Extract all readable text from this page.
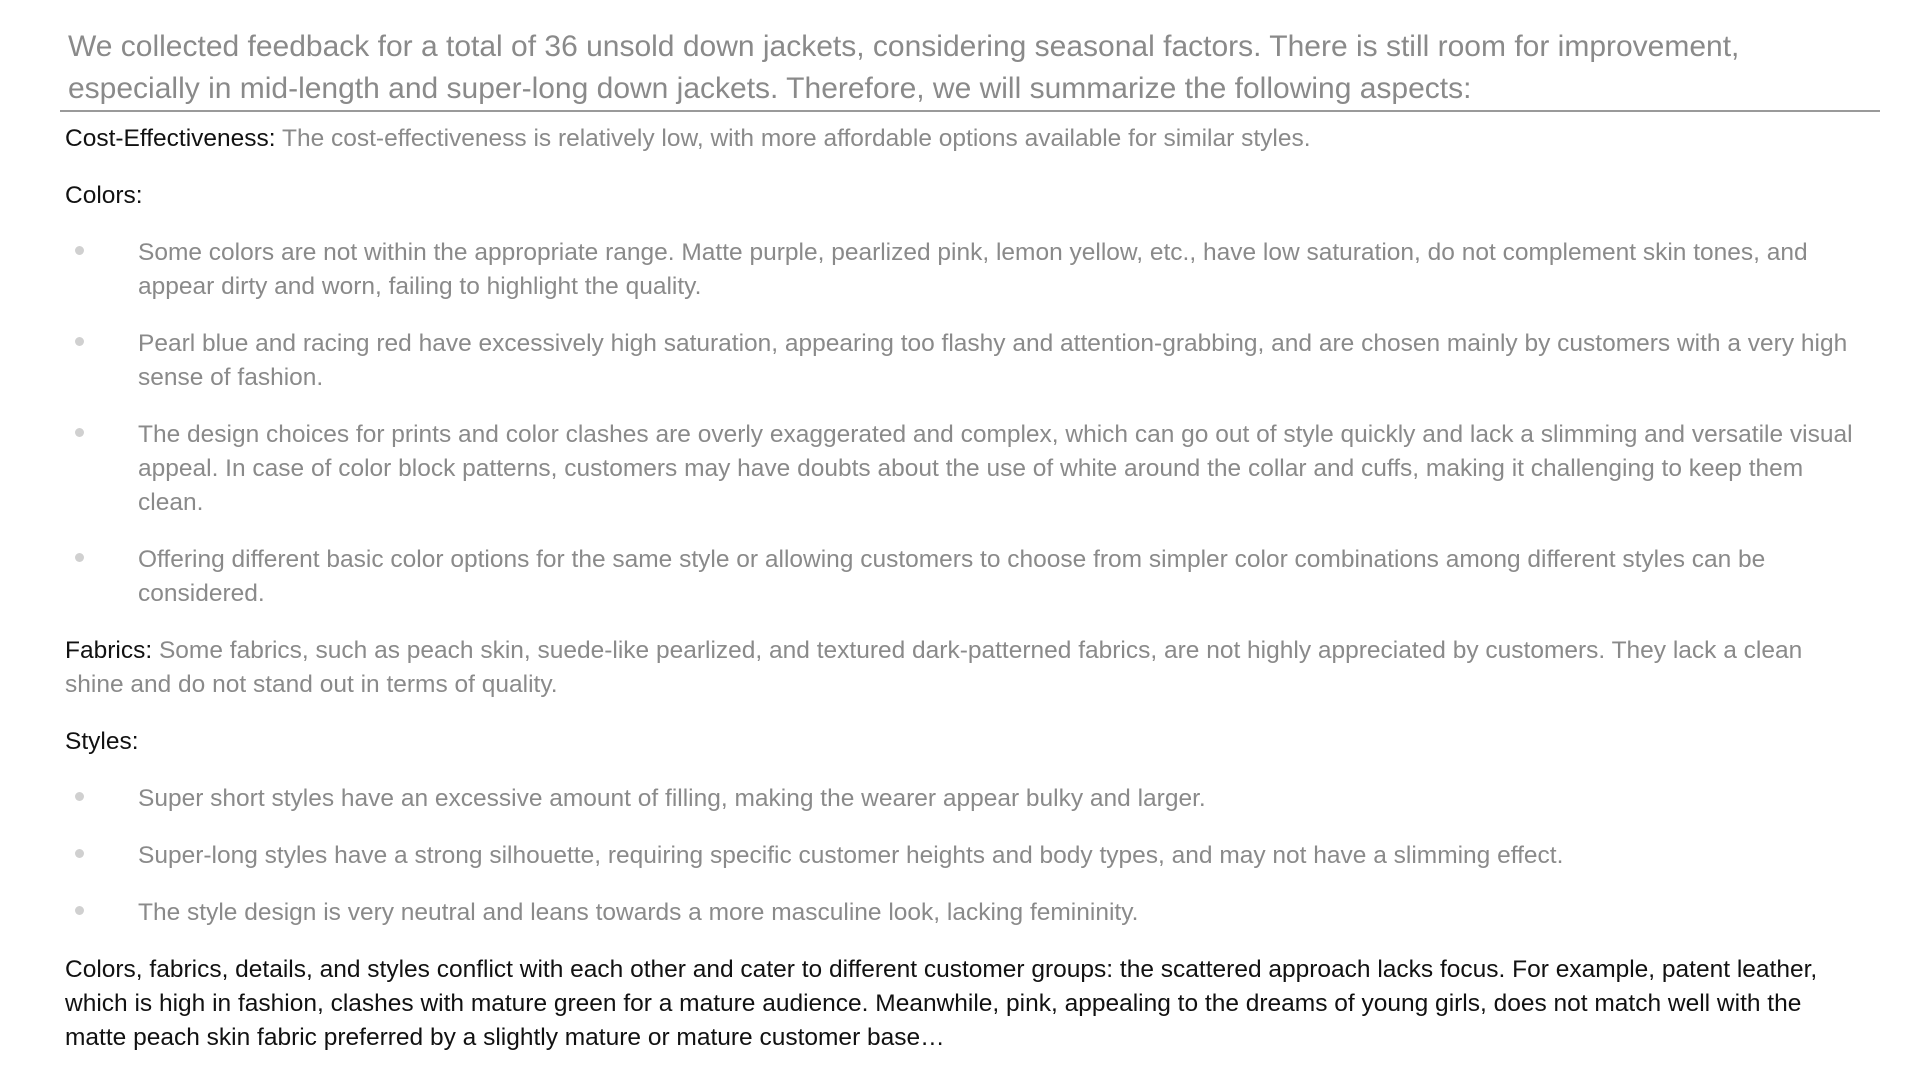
We collected feedback for a total of 36 unsold down jackets, considering seasonal factors. There is still room for improvement, especially in mid-length and super-long down jackets. Therefore, we will summarize the following aspects:

Cost-Effectiveness: The cost-effectiveness is relatively low, with more affordable options available for similar styles.

Colors:

Some colors are not within the appropriate range. Matte purple, pearlized pink, lemon yellow, etc., have low saturation, do not complement skin tones, and appear dirty and worn, failing to highlight the quality.
Pearl blue and racing red have excessively high saturation, appearing too flashy and attention-grabbing, and are chosen mainly by customers with a very high sense of fashion.
The design choices for prints and color clashes are overly exaggerated and complex, which can go out of style quickly and lack a slimming and versatile visual appeal. In case of color block patterns, customers may have doubts about the use of white around the collar and cuffs, making it challenging to keep them clean.
Offering different basic color options for the same style or allowing customers to choose from simpler color combinations among different styles can be considered.

Fabrics: Some fabrics, such as peach skin, suede-like pearlized, and textured dark-patterned fabrics, are not highly appreciated by customers. They lack a clean shine and do not stand out in terms of quality.

Styles:

Super short styles have an excessive amount of filling, making the wearer appear bulky and larger.
Super-long styles have a strong silhouette, requiring specific customer heights and body types, and may not have a slimming effect.
The style design is very neutral and leans towards a more masculine look, lacking femininity.

Colors, fabrics, details, and styles conflict with each other and cater to different customer groups: the scattered approach lacks focus. For example, patent leather, which is high in fashion, clashes with mature green for a mature audience. Meanwhile, pink, appealing to the dreams of young girls, does not match well with the matte peach skin fabric preferred by a slightly mature or mature customer base…
